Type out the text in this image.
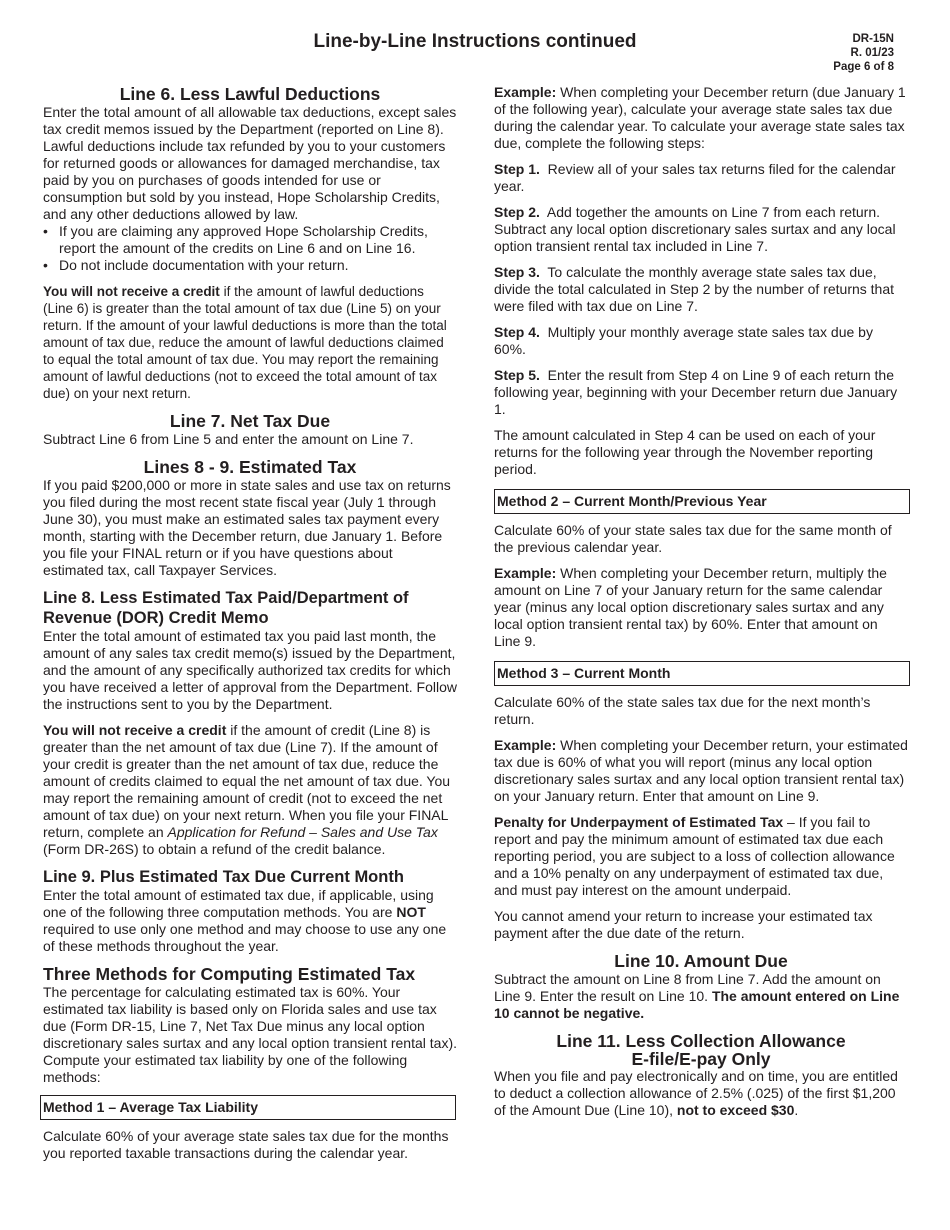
Line-by-Line Instructions continued	DR-15N
R. 01/23
Page 6 of 8
Line 6. Less Lawful Deductions

Enter the total amount of all allowable tax deductions, except sales tax credit memos issued by the Department (reported on Line 8). Lawful deductions include tax refunded by you to your customers for returned goods or allowances for damaged merchandise, tax paid by you on purchases of goods intended for use or consumption but sold by you instead, Hope Scholarship Credits, and any other deductions allowed by law.

• If you are claiming any approved Hope Scholarship Credits, report the amount of the credits on Line 6 and on Line 16.
• Do not include documentation with your return.

You will not receive a credit if the amount of lawful deductions (Line 6) is greater than the total amount of tax due (Line 5) on your return. If the amount of your lawful deductions is more than the total amount of tax due, reduce the amount of lawful deductions claimed to equal the total amount of tax due. You may report the remaining amount of lawful deductions (not to exceed the total amount of tax due) on your next return.

Line 7. Net Tax Due

Subtract Line 6 from Line 5 and enter the amount on Line 7.

Lines 8 - 9. Estimated Tax

If you paid $200,000 or more in state sales and use tax on returns you filed during the most recent state fiscal year (July 1 through June 30), you must make an estimated sales tax payment every month, starting with the December return, due January 1. Before you file your FINAL return or if you have questions about estimated tax, call Taxpayer Services.

Line 8. Less Estimated Tax Paid/Department of Revenue (DOR) Credit Memo

Enter the total amount of estimated tax you paid last month, the amount of any sales tax credit memo(s) issued by the Department, and the amount of any specifically authorized tax credits for which you have received a letter of approval from the Department. Follow the instructions sent to you by the Department.

You will not receive a credit if the amount of credit (Line 8) is greater than the net amount of tax due (Line 7). If the amount of your credit is greater than the net amount of tax due, reduce the amount of credits claimed to equal the net amount of tax due. You may report the remaining amount of credit (not to exceed the net amount of tax due) on your next return. When you file your FINAL return, complete an Application for Refund – Sales and Use Tax (Form DR-26S) to obtain a refund of the credit balance.

Line 9. Plus Estimated Tax Due Current Month

Enter the total amount of estimated tax due, if applicable, using one of the following three computation methods. You are NOT required to use only one method and may choose to use any one of these methods throughout the year.

Three Methods for Computing Estimated Tax

The percentage for calculating estimated tax is 60%. Your estimated tax liability is based only on Florida sales and use tax due (Form DR-15, Line 7, Net Tax Due minus any local option discretionary sales surtax and any local option transient rental tax). Compute your estimated tax liability by one of the following methods:

Method 1 – Average Tax Liability

Calculate 60% of your average state sales tax due for the months you reported taxable transactions during the calendar year.

Example: When completing your December return (due January 1 of the following year), calculate your average state sales tax due during the calendar year. To calculate your average state sales tax due, complete the following steps:

Step 1.  Review all of your sales tax returns filed for the calendar year.

Step 2.  Add together the amounts on Line 7 from each return. Subtract any local option discretionary sales surtax and any local option transient rental tax included in Line 7.

Step 3.  To calculate the monthly average state sales tax due, divide the total calculated in Step 2 by the number of returns that were filed with tax due on Line 7.

Step 4.  Multiply your monthly average state sales tax due by 60%.

Step 5.  Enter the result from Step 4 on Line 9 of each return the following year, beginning with your December return due January 1.

The amount calculated in Step 4 can be used on each of your returns for the following year through the November reporting period.

Method 2 – Current Month/Previous Year

Calculate 60% of your state sales tax due for the same month of the previous calendar year.

Example: When completing your December return, multiply the amount on Line 7 of your January return for the same calendar year (minus any local option discretionary sales surtax and any local option transient rental tax) by 60%. Enter that amount on Line 9.

Method 3 – Current Month

Calculate 60% of the state sales tax due for the next month’s return.

Example: When completing your December return, your estimated tax due is 60% of what you will report (minus any local option discretionary sales surtax and any local option transient rental tax) on your January return. Enter that amount on Line 9.

Penalty for Underpayment of Estimated Tax – If you fail to report and pay the minimum amount of estimated tax due each reporting period, you are subject to a loss of collection allowance and a 10% penalty on any underpayment of estimated tax due, and must pay interest on the amount underpaid.

You cannot amend your return to increase your estimated tax payment after the due date of the return.

Line 10. Amount Due

Subtract the amount on Line 8 from Line 7. Add the amount on Line 9. Enter the result on Line 10. The amount entered on Line 10 cannot be negative.

Line 11. Less Collection Allowance
E-file/E-pay Only

When you file and pay electronically and on time, you are entitled to deduct a collection allowance of 2.5% (.025) of the first $1,200 of the Amount Due (Line 10), not to exceed $30.
